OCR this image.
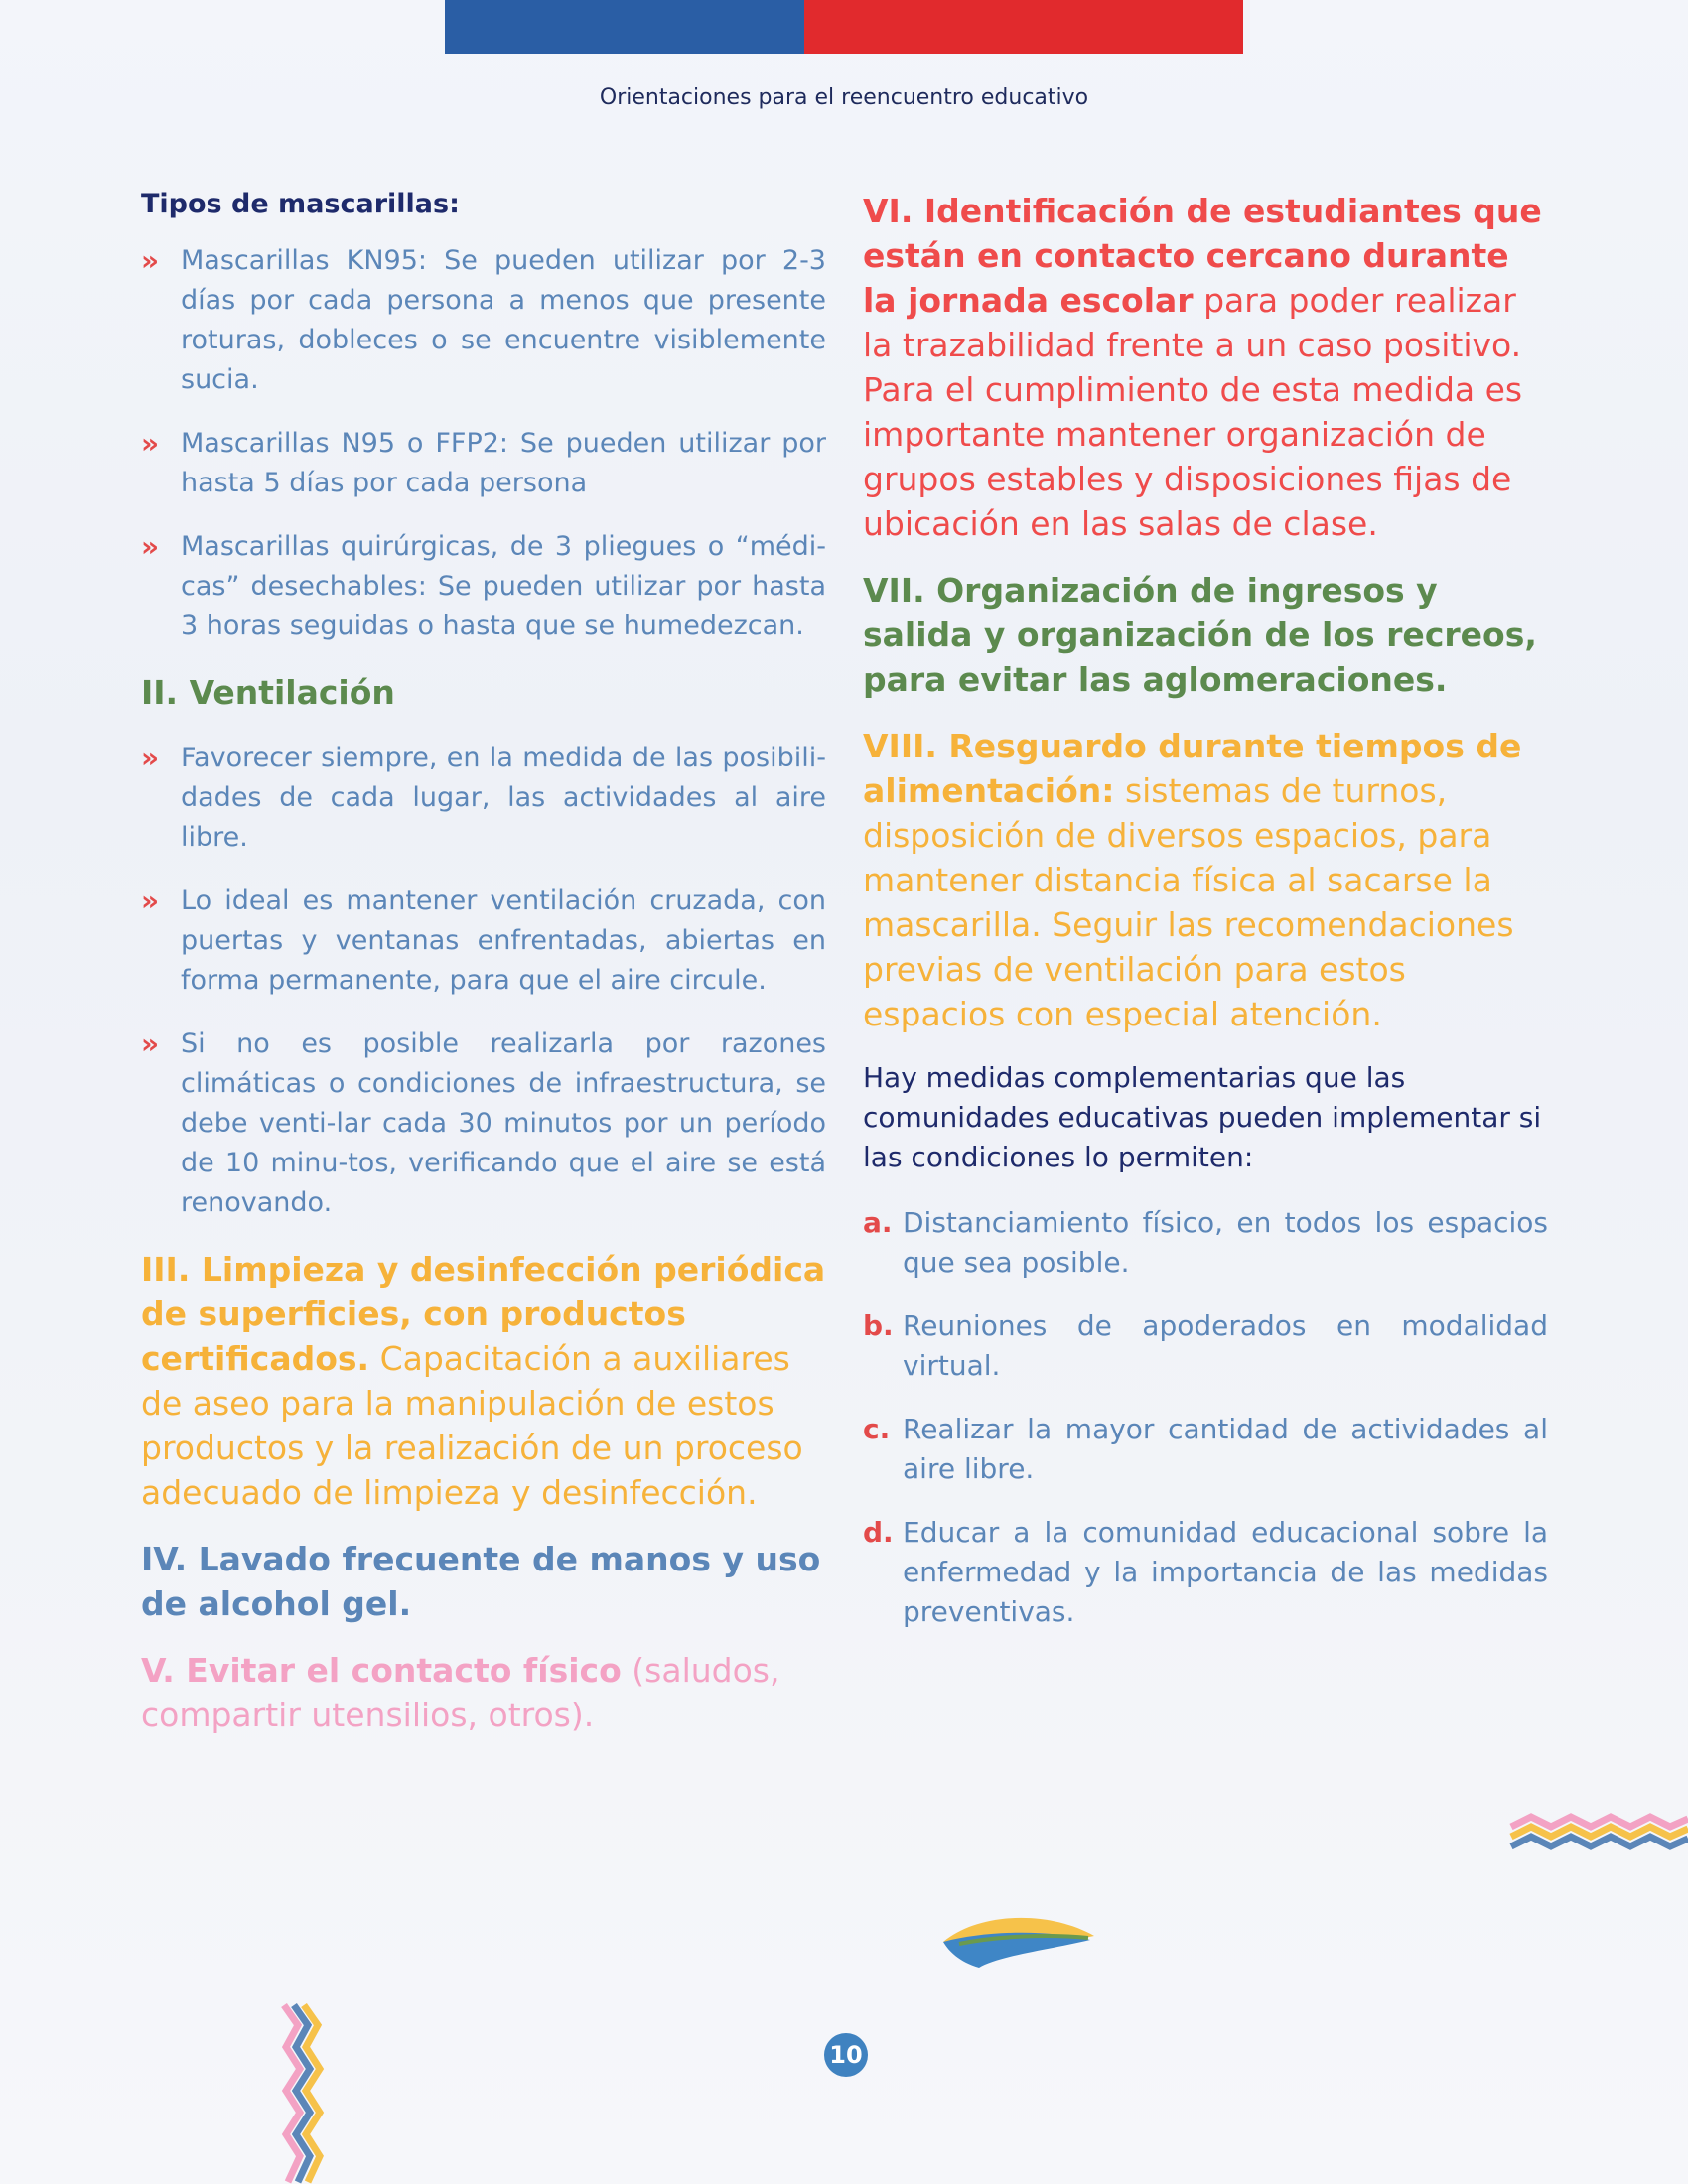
Orientaciones para el reencuentro educativo
Tipos de mascarillas:
» Mascarillas KN95: Se pueden utilizar por 2-3 días por cada persona a menos que presente roturas, dobleces o se encuentre visiblemente sucia.
» Mascarillas N95 o FFP2: Se pueden utilizar por hasta 5 días por cada persona
» Mascarillas quirúrgicas, de 3 pliegues o “médi-cas” desechables: Se pueden utilizar por hasta 3 horas seguidas o hasta que se humedezcan.
II. Ventilación
» Favorecer siempre, en la medida de las posibili-dades de cada lugar, las actividades al aire libre.
» Lo ideal es mantener ventilación cruzada, con puertas y ventanas enfrentadas, abiertas en forma permanente, para que el aire circule.
» Si no es posible realizarla por razones climáticas o condiciones de infraestructura, se debe venti-lar cada 30 minutos por un período de 10 minu-tos, verificando que el aire se está renovando.

III. Limpieza y desinfección periódica de superficies, con productos certificados. Capacitación a auxiliares de aseo para la manipulación de estos productos y la realización de un proceso adecuado de limpieza y desinfección.

IV. Lavado frecuente de manos y uso de alcohol gel.

V. Evitar el contacto físico (saludos, compartir utensilios, otros).

VI. Identificación de estudiantes que están en contacto cercano durante la jornada escolar para poder realizar la trazabilidad frente a un caso positivo. Para el cumplimiento de esta medida es importante mantener organización de grupos estables y disposiciones fijas de ubicación en las salas de clase.

VII. Organización de ingresos y salida y organización de los recreos, para evitar las aglomeraciones.

VIII. Resguardo durante tiempos de alimentación: sistemas de turnos, disposición de diversos espacios, para mantener distancia física al sacarse la mascarilla. Seguir las recomendaciones previas de ventilación para estos espacios con especial atención.

Hay medidas complementarias que las comunidades educativas pueden implementar si las condiciones lo permiten:

a. Distanciamiento físico, en todos los espacios que sea posible.
b. Reuniones de apoderados en modalidad virtual.
c. Realizar la mayor cantidad de actividades al aire libre.
d. Educar a la comunidad educacional sobre la enfermedad y la importancia de las medidas preventivas.
10
